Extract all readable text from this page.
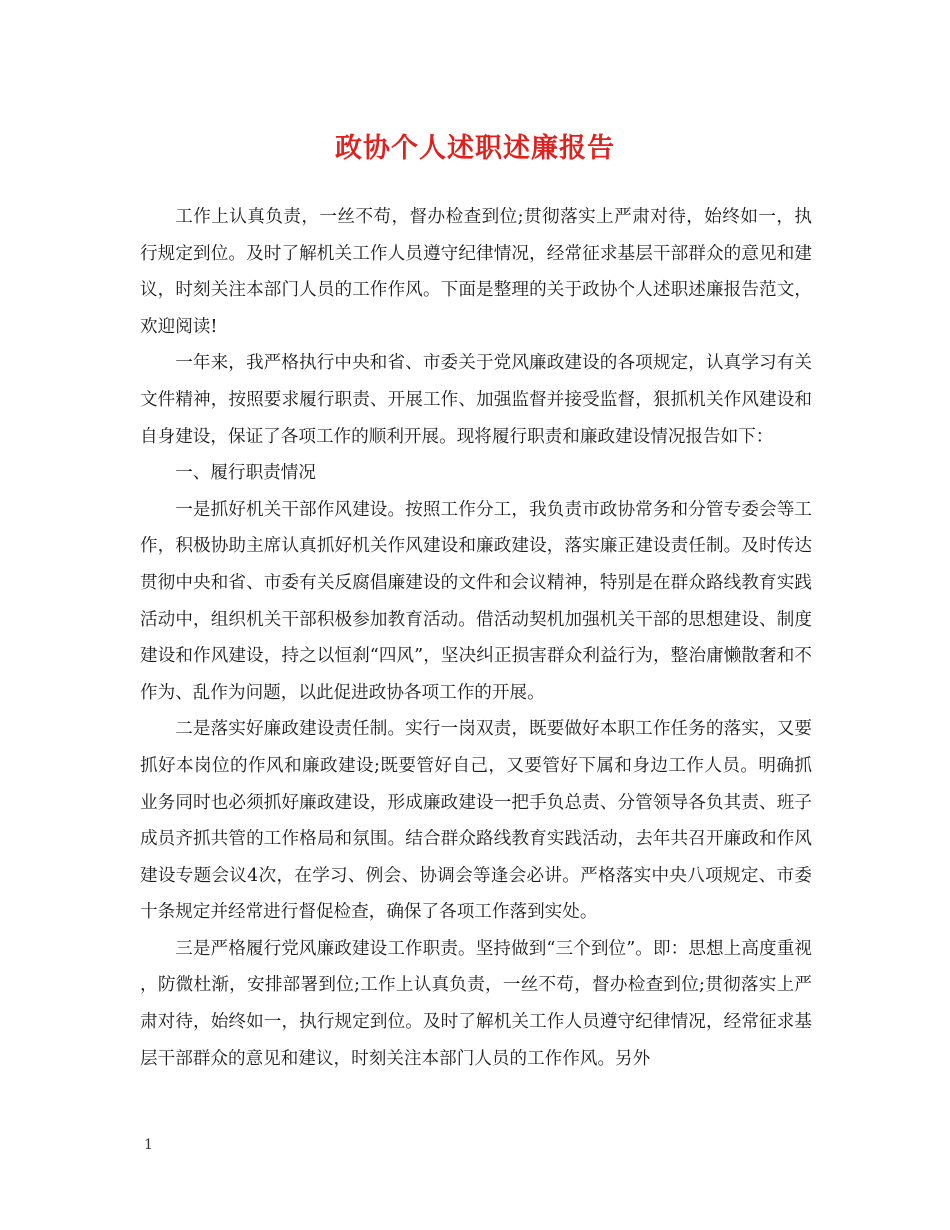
政协个人述职述廉报告

工作上认真负责，一丝不苟，督办检查到位;贯彻落实上严肃对待，始终如一，执行规定到位。及时了解机关工作人员遵守纪律情况，经常征求基层干部群众的意见和建议，时刻关注本部门人员的工作作风。下面是整理的关于政协个人述职述廉报告范文，欢迎阅读!

一年来，我严格执行中央和省、市委关于党风廉政建设的各项规定，认真学习有关文件精神，按照要求履行职责、开展工作、加强监督并接受监督，狠抓机关作风建设和自身建设，保证了各项工作的顺利开展。现将履行职责和廉政建设情况报告如下：

一、履行职责情况

一是抓好机关干部作风建设。按照工作分工，我负责市政协常务和分管专委会等工作，积极协助主席认真抓好机关作风建设和廉政建设，落实廉正建设责任制。及时传达贯彻中央和省、市委有关反腐倡廉建设的文件和会议精神，特别是在群众路线教育实践活动中，组织机关干部积极参加教育活动。借活动契机加强机关干部的思想建设、制度建设和作风建设，持之以恒刹“四风”，坚决纠正损害群众利益行为，整治庸懒散奢和不作为、乱作为问题，以此促进政协各项工作的开展。

二是落实好廉政建设责任制。实行一岗双责，既要做好本职工作任务的落实，又要抓好本岗位的作风和廉政建设;既要管好自己，又要管好下属和身边工作人员。明确抓业务同时也必须抓好廉政建设，形成廉政建设一把手负总责、分管领导各负其责、班子成员齐抓共管的工作格局和氛围。结合群众路线教育实践活动，去年共召开廉政和作风建设专题会议4次，在学习、例会、协调会等逢会必讲。严格落实中央八项规定、市委十条规定并经常进行督促检查，确保了各项工作落到实处。

三是严格履行党风廉政建设工作职责。坚持做到“三个到位”。即：思想上高度重视，防微杜渐，安排部署到位;工作上认真负责，一丝不苟，督办检查到位;贯彻落实上严肃对待，始终如一，执行规定到位。及时了解机关工作人员遵守纪律情况，经常征求基层干部群众的意见和建议，时刻关注本部门人员的工作作风。另外

1
